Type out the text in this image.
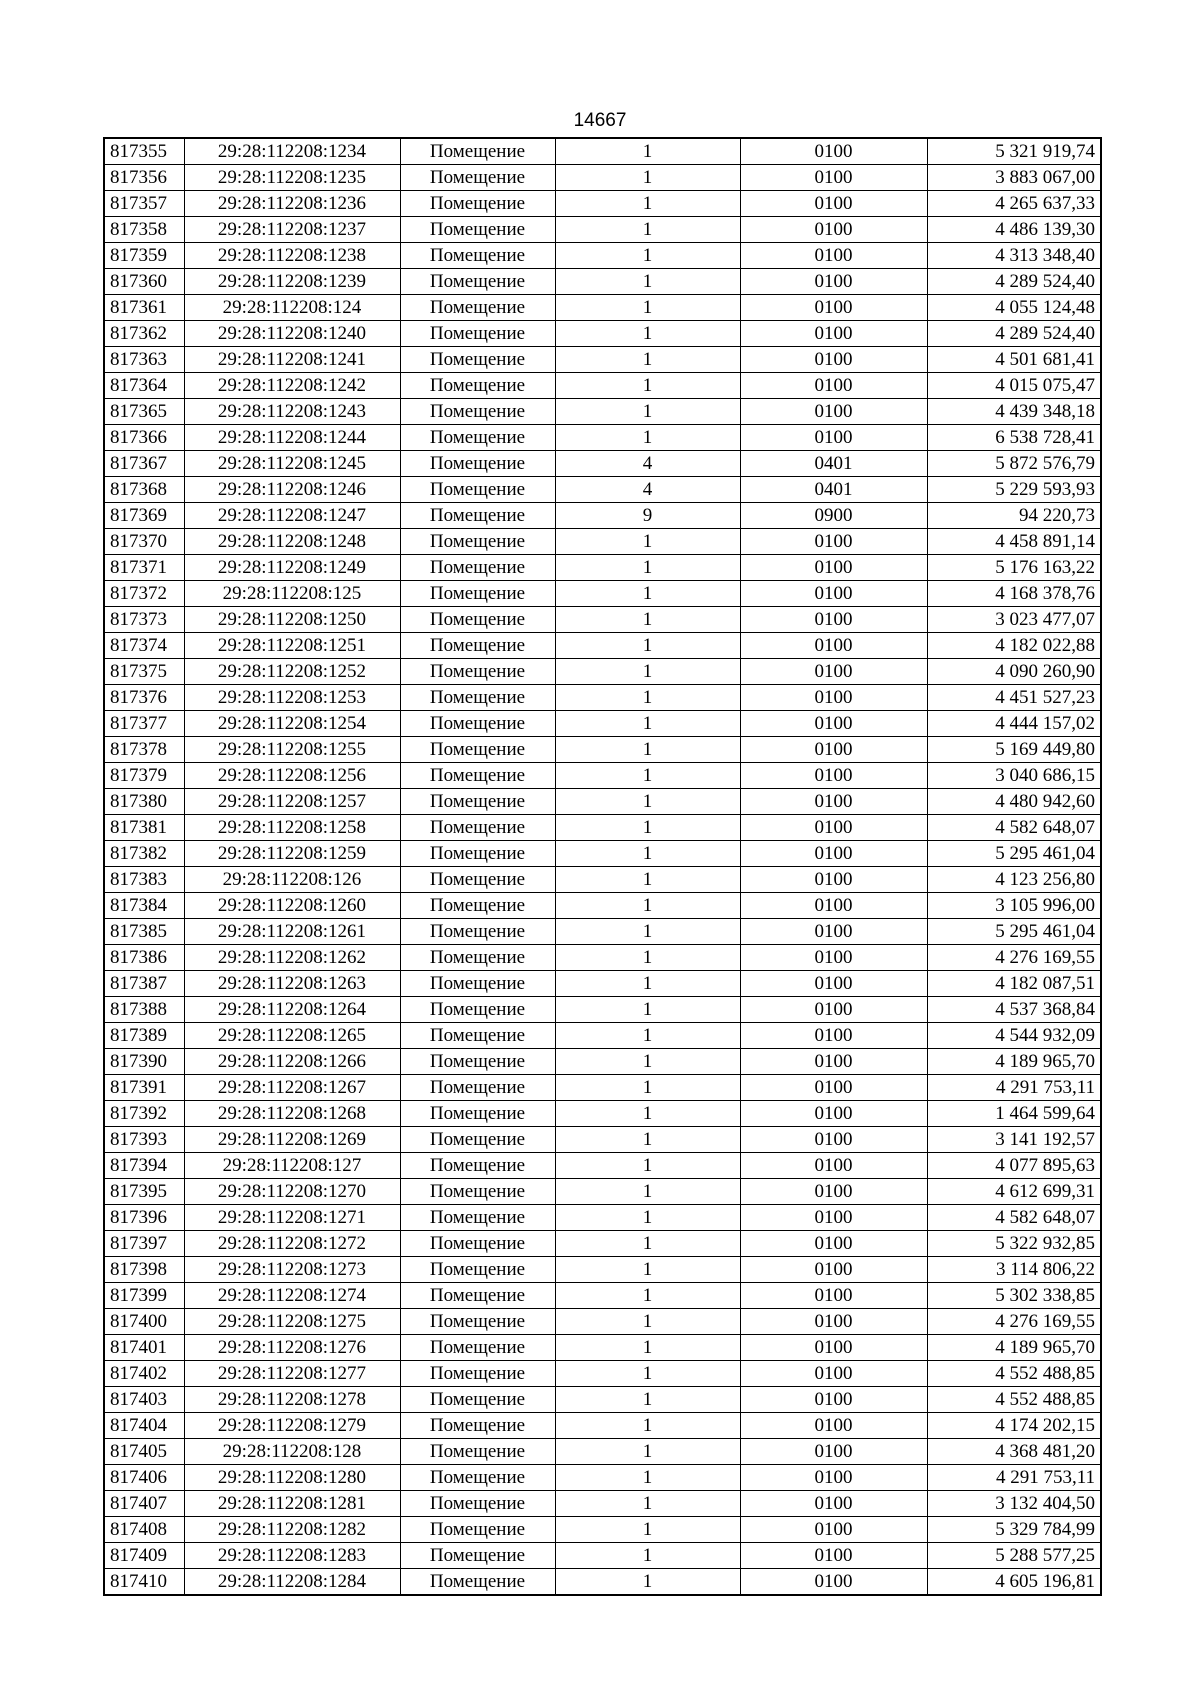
14667
817355	29:28:112208:1234	Помещение	1	0100	5 321 919,74
817356	29:28:112208:1235	Помещение	1	0100	3 883 067,00
817357	29:28:112208:1236	Помещение	1	0100	4 265 637,33
817358	29:28:112208:1237	Помещение	1	0100	4 486 139,30
817359	29:28:112208:1238	Помещение	1	0100	4 313 348,40
817360	29:28:112208:1239	Помещение	1	0100	4 289 524,40
817361	29:28:112208:124	Помещение	1	0100	4 055 124,48
817362	29:28:112208:1240	Помещение	1	0100	4 289 524,40
817363	29:28:112208:1241	Помещение	1	0100	4 501 681,41
817364	29:28:112208:1242	Помещение	1	0100	4 015 075,47
817365	29:28:112208:1243	Помещение	1	0100	4 439 348,18
817366	29:28:112208:1244	Помещение	1	0100	6 538 728,41
817367	29:28:112208:1245	Помещение	4	0401	5 872 576,79
817368	29:28:112208:1246	Помещение	4	0401	5 229 593,93
817369	29:28:112208:1247	Помещение	9	0900	94 220,73
817370	29:28:112208:1248	Помещение	1	0100	4 458 891,14
817371	29:28:112208:1249	Помещение	1	0100	5 176 163,22
817372	29:28:112208:125	Помещение	1	0100	4 168 378,76
817373	29:28:112208:1250	Помещение	1	0100	3 023 477,07
817374	29:28:112208:1251	Помещение	1	0100	4 182 022,88
817375	29:28:112208:1252	Помещение	1	0100	4 090 260,90
817376	29:28:112208:1253	Помещение	1	0100	4 451 527,23
817377	29:28:112208:1254	Помещение	1	0100	4 444 157,02
817378	29:28:112208:1255	Помещение	1	0100	5 169 449,80
817379	29:28:112208:1256	Помещение	1	0100	3 040 686,15
817380	29:28:112208:1257	Помещение	1	0100	4 480 942,60
817381	29:28:112208:1258	Помещение	1	0100	4 582 648,07
817382	29:28:112208:1259	Помещение	1	0100	5 295 461,04
817383	29:28:112208:126	Помещение	1	0100	4 123 256,80
817384	29:28:112208:1260	Помещение	1	0100	3 105 996,00
817385	29:28:112208:1261	Помещение	1	0100	5 295 461,04
817386	29:28:112208:1262	Помещение	1	0100	4 276 169,55
817387	29:28:112208:1263	Помещение	1	0100	4 182 087,51
817388	29:28:112208:1264	Помещение	1	0100	4 537 368,84
817389	29:28:112208:1265	Помещение	1	0100	4 544 932,09
817390	29:28:112208:1266	Помещение	1	0100	4 189 965,70
817391	29:28:112208:1267	Помещение	1	0100	4 291 753,11
817392	29:28:112208:1268	Помещение	1	0100	1 464 599,64
817393	29:28:112208:1269	Помещение	1	0100	3 141 192,57
817394	29:28:112208:127	Помещение	1	0100	4 077 895,63
817395	29:28:112208:1270	Помещение	1	0100	4 612 699,31
817396	29:28:112208:1271	Помещение	1	0100	4 582 648,07
817397	29:28:112208:1272	Помещение	1	0100	5 322 932,85
817398	29:28:112208:1273	Помещение	1	0100	3 114 806,22
817399	29:28:112208:1274	Помещение	1	0100	5 302 338,85
817400	29:28:112208:1275	Помещение	1	0100	4 276 169,55
817401	29:28:112208:1276	Помещение	1	0100	4 189 965,70
817402	29:28:112208:1277	Помещение	1	0100	4 552 488,85
817403	29:28:112208:1278	Помещение	1	0100	4 552 488,85
817404	29:28:112208:1279	Помещение	1	0100	4 174 202,15
817405	29:28:112208:128	Помещение	1	0100	4 368 481,20
817406	29:28:112208:1280	Помещение	1	0100	4 291 753,11
817407	29:28:112208:1281	Помещение	1	0100	3 132 404,50
817408	29:28:112208:1282	Помещение	1	0100	5 329 784,99
817409	29:28:112208:1283	Помещение	1	0100	5 288 577,25
817410	29:28:112208:1284	Помещение	1	0100	4 605 196,81
